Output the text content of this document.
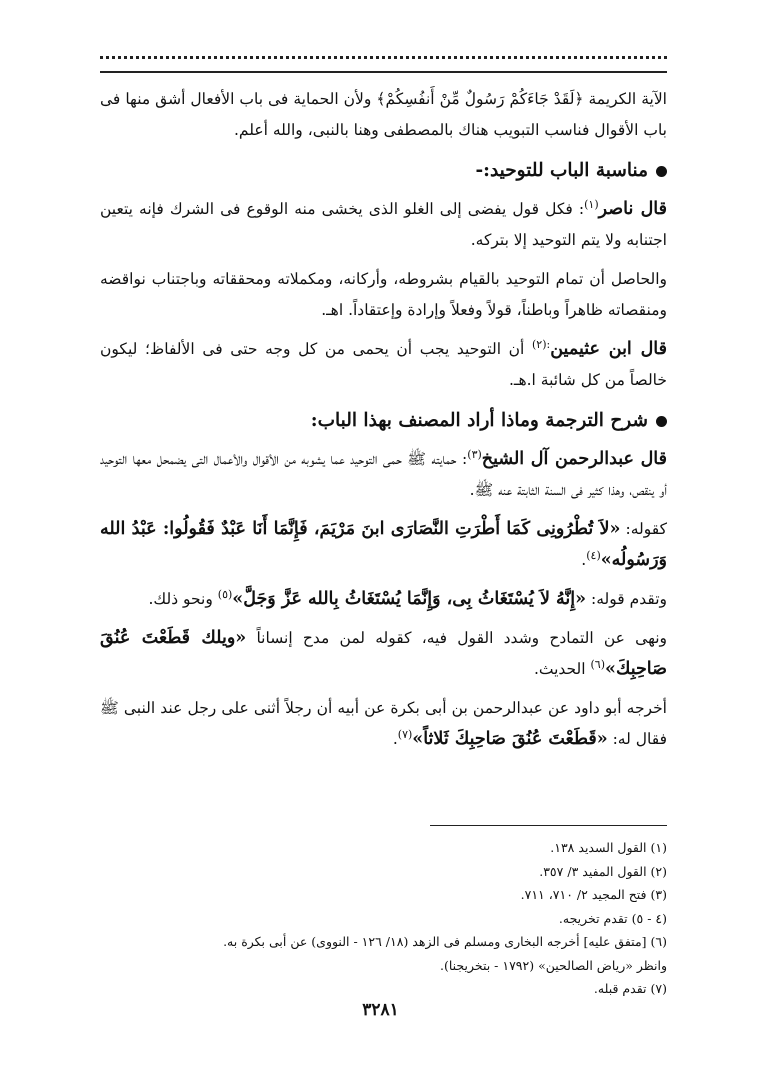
الآية الكريمة ﴿لَقَدْ جَاءَكُمْ رَسُولٌ مِّنْ أَنفُسِكُمْ﴾ ولأن الحماية فى باب الأفعال أشق منها فى باب الأقوال فناسب التبويب هناك بالمصطفى وهنا بالنبى، والله أعلم.

مناسبة الباب للتوحيد:-

قال ناصر$^{(١)}$: فكل قول يفضى إلى الغلو الذى يخشى منه الوقوع فى الشرك فإنه يتعين اجتنابه ولا يتم التوحيد إلا بتركه.

والحاصل أن تمام التوحيد بالقيام بشروطه، وأركانه، ومكملاته ومحققاته وباجتناب نواقضه ومنقصاته ظاهراً وباطناً، قولاً وفعلاً وإرادة وإعتقاداً. اهـ.

قال ابن عثيمين$^{:(٢)}$ أن التوحيد يجب أن يحمى من كل وجه حتى فى الألفاظ؛ ليكون خالصاً من كل شائبة ا.هـ.

شرح الترجمة وماذا أراد المصنف بهذا الباب:

قال عبدالرحمن آل الشيخ$^{(٣)}$: حمايته ﷺ حمى التوحيد عما يشوبه من الأقوال والأعمال التى يضمحل معها التوحيد أو ينقص، وهذا كثير فى السنة الثابتة عنه ﷺ.

كقوله: «لاَ تُطْرُونِى كَمَا أَطْرَتِ النَّصَارَى ابنَ مَرْيَمَ، فَإِنَّمَا أَنَا عَبْدٌ فَقُولُوا: عَبْدُ الله وَرَسُولُه»$^{(٤)}$.

وتقدم قوله: «إِنَّهُ لاَ يُسْتَغَاثُ بِى، وَإِنَّمَا يُسْتَغَاثُ بِالله عَزَّ وَجَلَّ»$^{(٥)}$ ونحو ذلك.

ونهى عن التمادح وشدد القول فيه، كقوله لمن مدح إنساناً «ويلك قَطَعْتَ عُنُقَ صَاحِبِكَ»$^{(٦)}$ الحديث.

أخرجه أبو داود عن عبدالرحمن بن أبى بكرة عن أبيه أن رجلاً أثنى على رجل عند النبى ﷺ فقال له: «قَطَعْتَ عُنُقَ صَاحِبِكَ ثَلاثاً»$^{(٧)}$.

(١) القول السديد ١٣٨.

(٢) القول المفيد ٣/ ٣٥٧.

(٣) فتح المجيد ٢/ ٧١٠، ٧١١.

(٤ - ٥) تقدم تخريجه.

(٦) [متفق عليه] أخرجه البخارى ومسلم فى الزهد (١٨/ ١٢٦ - النووى) عن أبى بكرة به.

وانظر «رياض الصالحين» (١٧٩٢ - بتخريجنا).

(٧) تقدم قبله.

٣٢٨١
